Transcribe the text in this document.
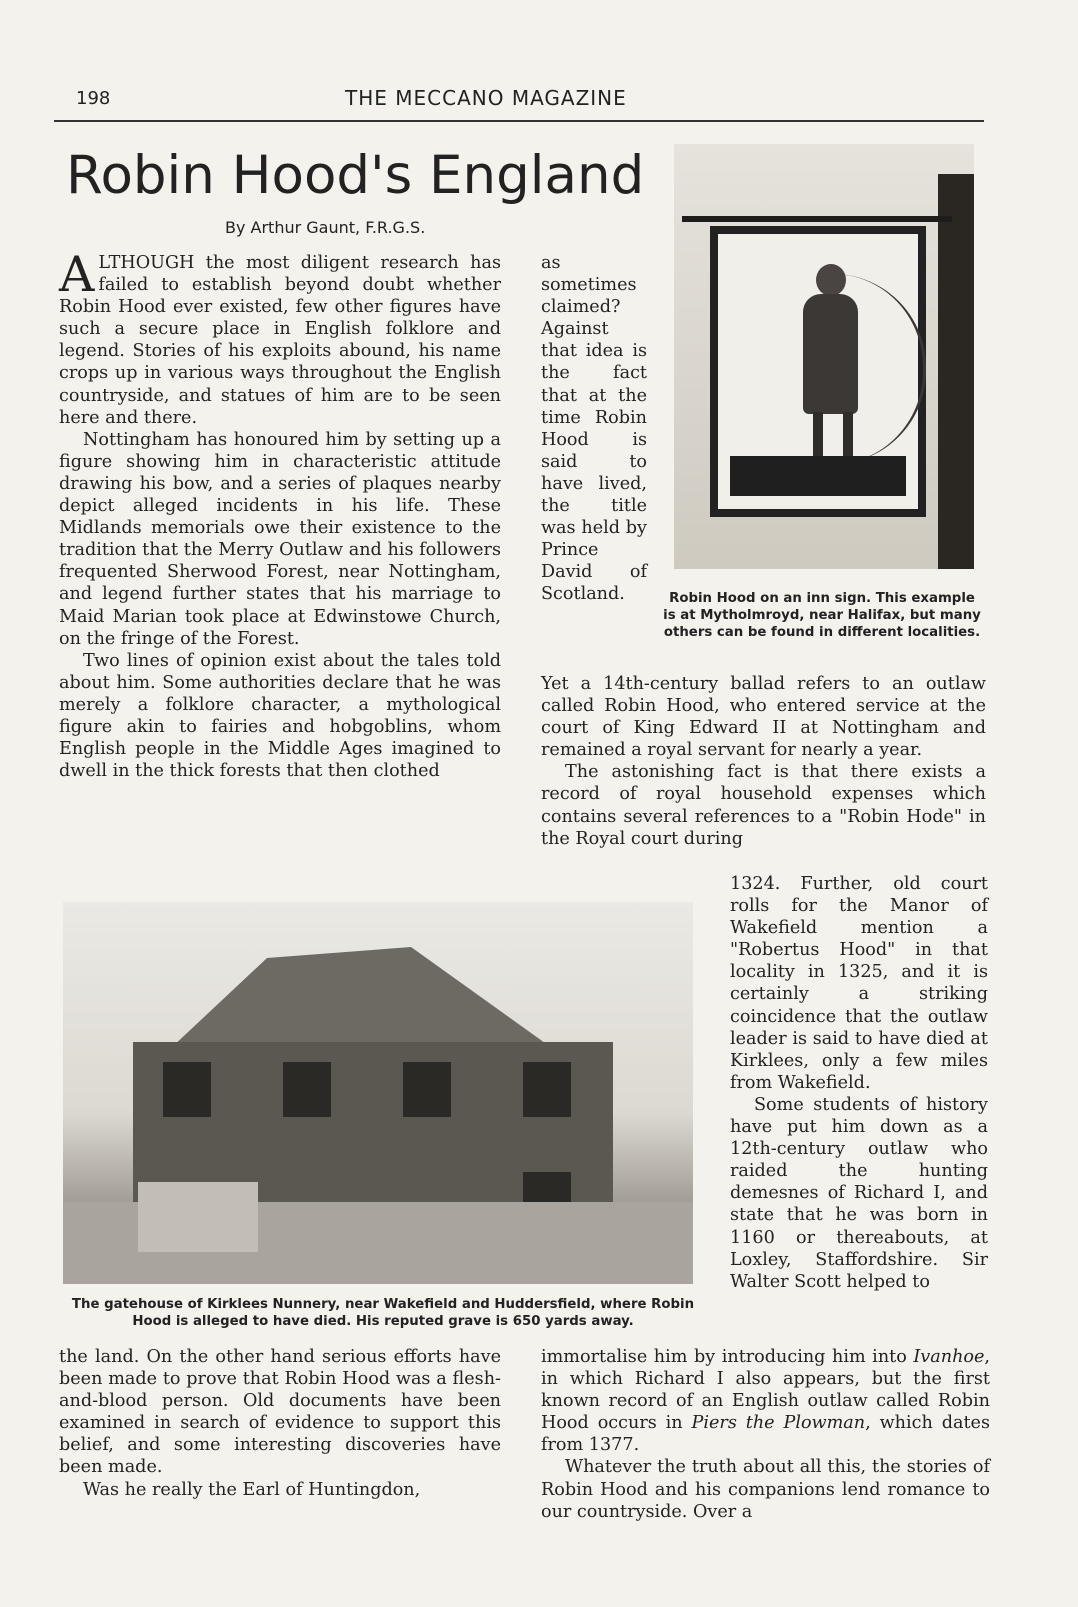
198	THE MECCANO MAGAZINE
Robin Hood's England
By Arthur Gaunt, F.R.G.S.

ALTHOUGH the most diligent research has failed to establish beyond doubt whether Robin Hood ever existed, few other figures have such a secure place in English folklore and legend. Stories of his exploits abound, his name crops up in various ways throughout the English countryside, and statues of him are to be seen here and there.

Nottingham has honoured him by setting up a figure showing him in characteristic attitude drawing his bow, and a series of plaques nearby depict alleged incidents in his life. These Midlands memorials owe their existence to the tradition that the Merry Outlaw and his followers frequented Sherwood Forest, near Nottingham, and legend further states that his marriage to Maid Marian took place at Edwinstowe Church, on the fringe of the Forest.

Two lines of opinion exist about the tales told about him. Some authorities declare that he was merely a folklore character, a mythological figure akin to fairies and hobgoblins, whom English people in the Middle Ages imagined to dwell in the thick forests that then clothed

as sometimes claimed? Against that idea is the fact that at the time Robin Hood is said to have lived, the title was held by Prince David of Scotland.	Robin Hood on an inn sign. This example is at Mytholmroyd, near Halifax, but many others can be found in different localities.

Yet a 14th-century ballad refers to an outlaw called Robin Hood, who entered service at the court of King Edward II at Nottingham and remained a royal servant for nearly a year.

The astonishing fact is that there exists a record of royal household expenses which contains several references to a "Robin Hode" in the Royal court during

The gatehouse of Kirklees Nunnery, near Wakefield and Huddersfield, where Robin Hood is alleged to have died. His reputed grave is 650 yards away.

1324. Further, old court rolls for the Manor of Wakefield mention a "Robertus Hood" in that locality in 1325, and it is certainly a striking coincidence that the outlaw leader is said to have died at Kirklees, only a few miles from Wakefield.

Some students of history have put him down as a 12th-century outlaw who raided the hunting demesnes of Richard I, and state that he was born in 1160 or thereabouts, at Loxley, Staffordshire. Sir Walter Scott helped to

the land. On the other hand serious efforts have been made to prove that Robin Hood was a flesh-and-blood person. Old documents have been examined in search of evidence to support this belief, and some interesting discoveries have been made.

Was he really the Earl of Huntingdon,

immortalise him by introducing him into Ivanhoe, in which Richard I also appears, but the first known record of an English outlaw called Robin Hood occurs in Piers the Plowman, which dates from 1377.

Whatever the truth about all this, the stories of Robin Hood and his companions lend romance to our countryside. Over a
